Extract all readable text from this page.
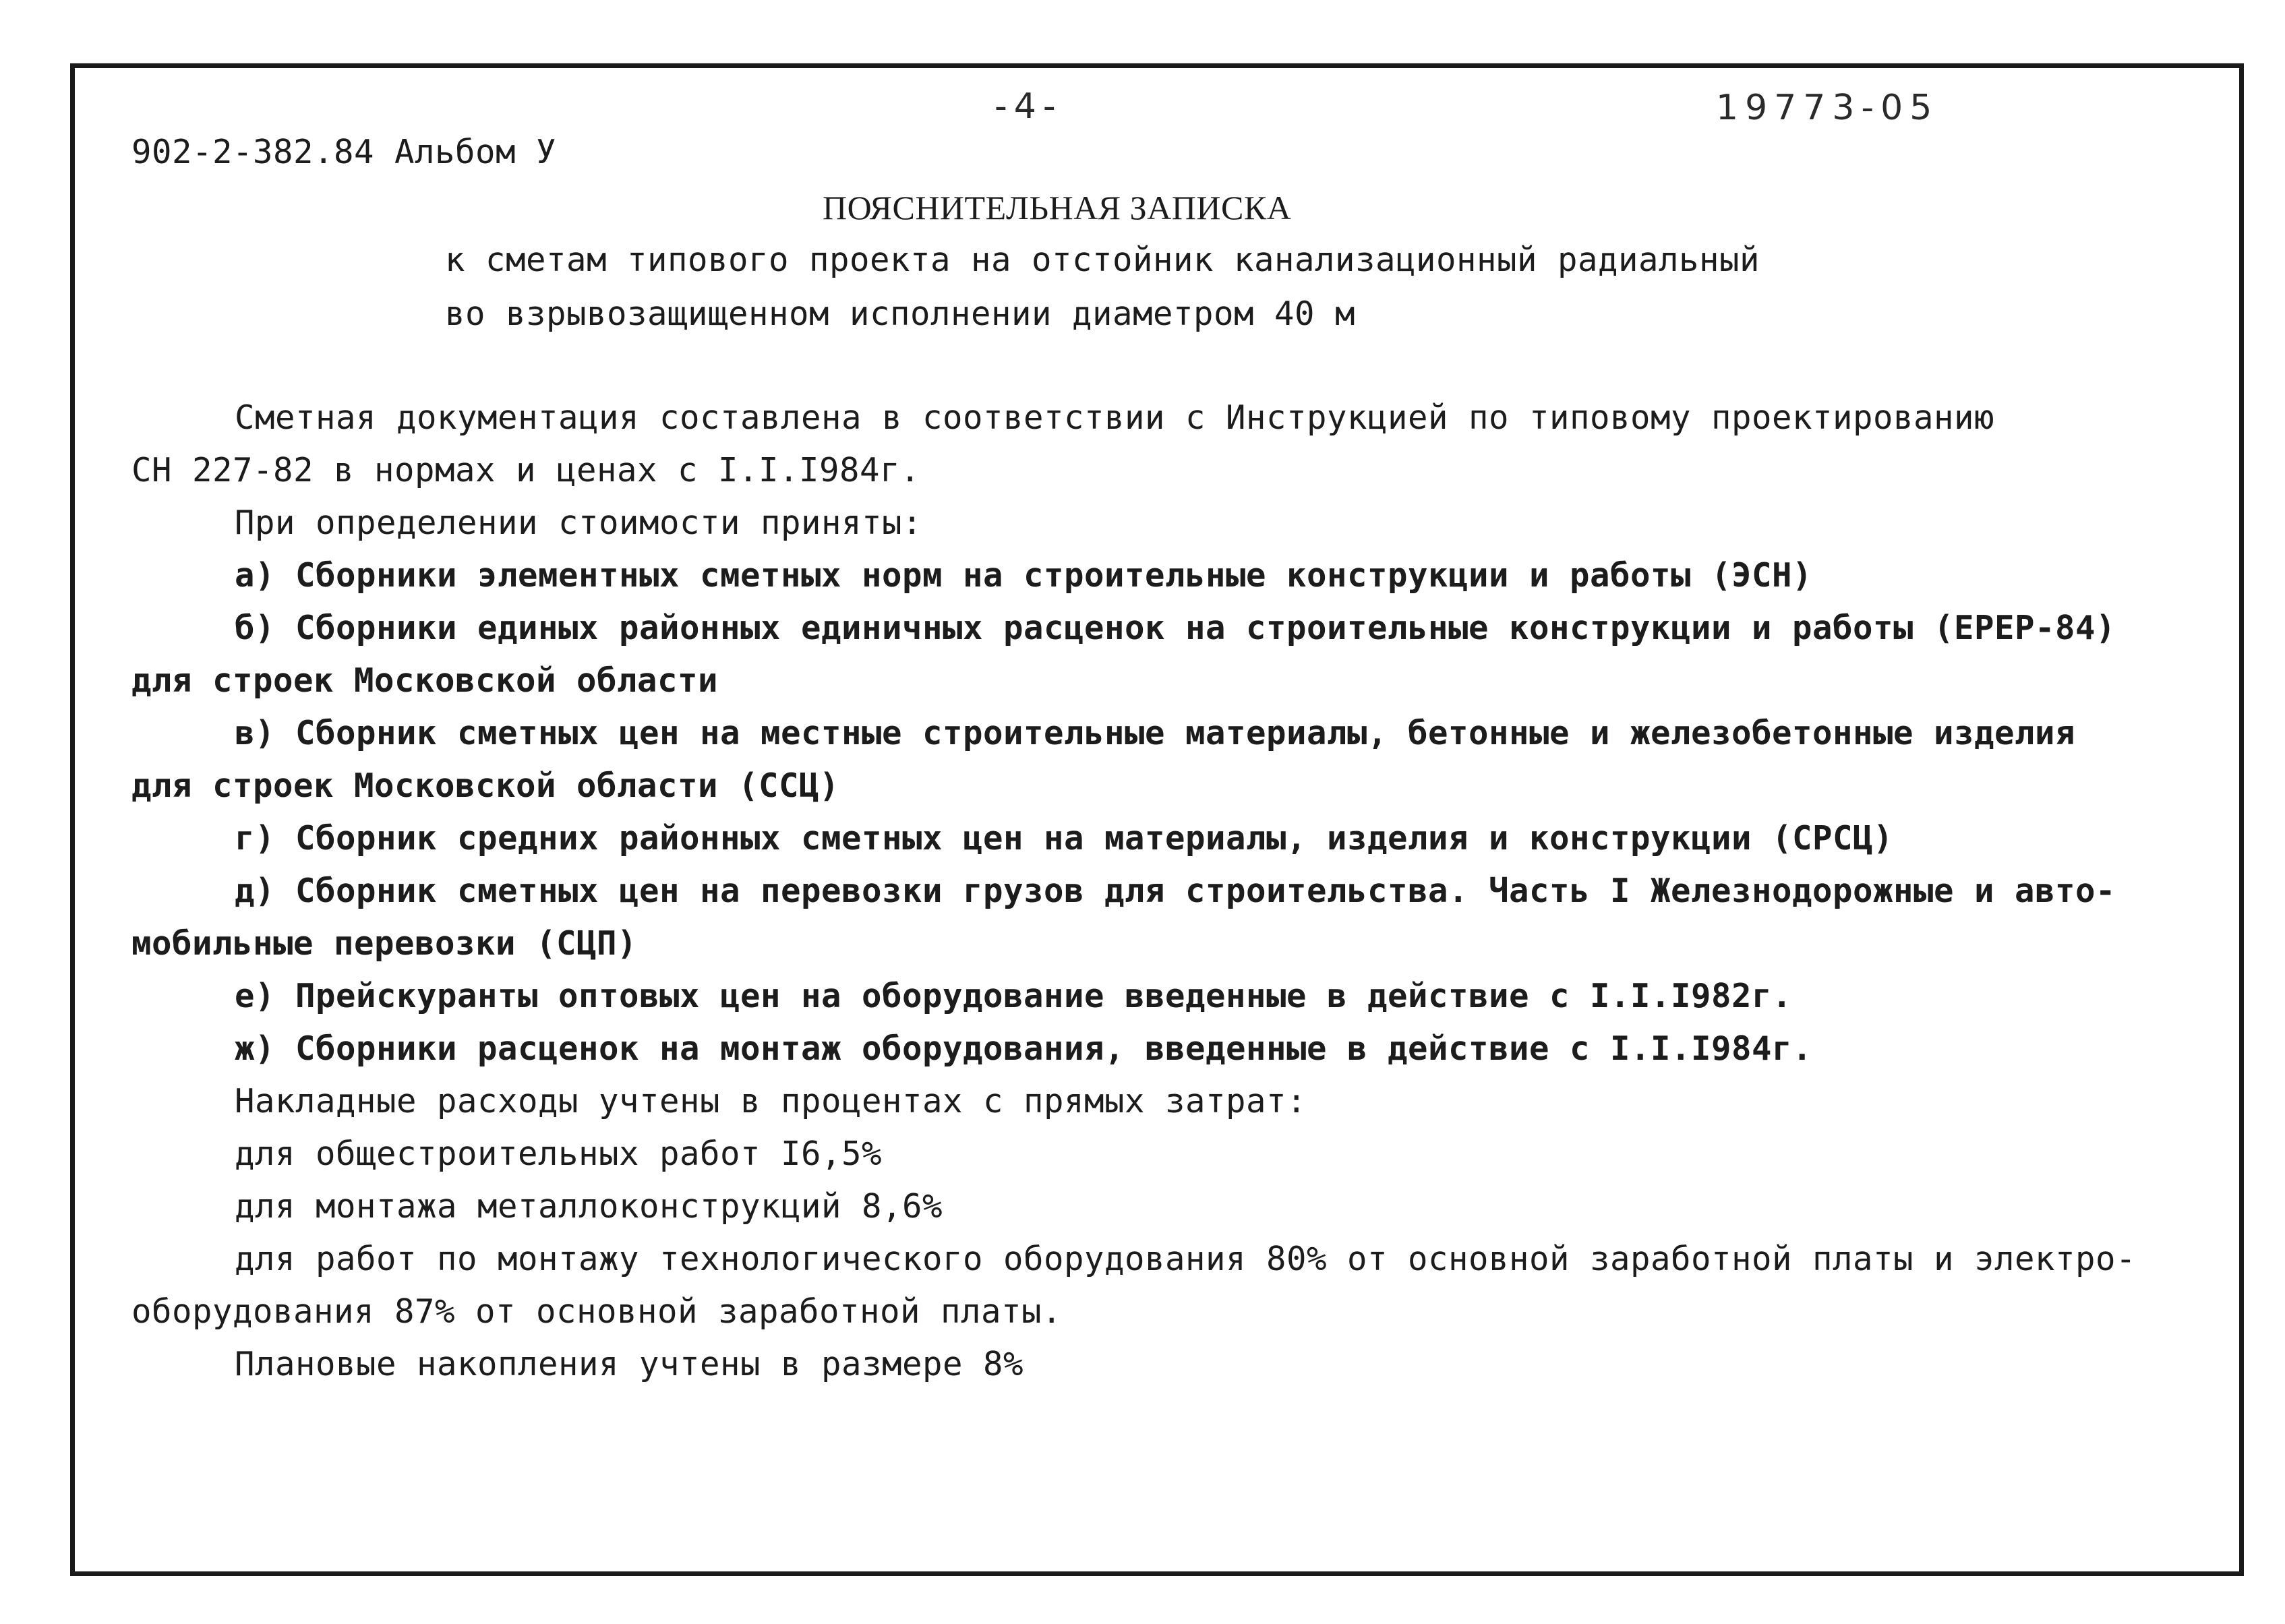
-4-	19773-05
902-2-382.84 Альбом У
ПОЯСНИТЕЛЬНАЯ ЗАПИСКА
к сметам типового проекта на отстойник канализационный радиальный
во взрывозащищенном исполнении диаметром 40 м
Сметная документация составлена в соответствии с Инструкцией по типовому проектированию
СН 227-82 в нормах и ценах с I.I.I984г.
При определении стоимости приняты:
а) Сборники элементных сметных норм на строительные конструкции и работы (ЭСН)
б) Сборники единых районных единичных расценок на строительные конструкции и работы (ЕРЕР-84)
для строек Московской области
в) Сборник сметных цен на местные строительные материалы, бетонные и железобетонные изделия
для строек Московской области (ССЦ)
г) Сборник средних районных сметных цен на материалы, изделия и конструкции (СРСЦ)
д) Сборник сметных цен на перевозки грузов для строительства. Часть I Железнодорожные и авто-
мобильные перевозки (СЦП)
е) Прейскуранты оптовых цен на оборудование введенные в действие с I.I.I982г.
ж) Сборники расценок на монтаж оборудования, введенные в действие с I.I.I984г.
Накладные расходы учтены в процентах с прямых затрат:
для общестроительных работ I6,5%
для монтажа металлоконструкций 8,6%
для работ по монтажу технологического оборудования 80% от основной заработной платы и электро-
оборудования 87% от основной заработной платы.
Плановые накопления учтены в размере 8%
